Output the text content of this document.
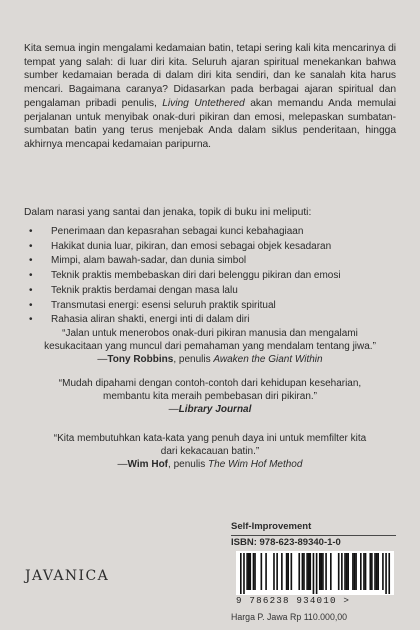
Kita semua ingin mengalami kedamaian batin, tetapi sering kali kita mencarinya di tempat yang salah: di luar diri kita. Seluruh ajaran spiritual menekankan bahwa sumber kedamaian berada di dalam diri kita sendiri, dan ke sanalah kita harus mencari. Bagaimana caranya? Didasarkan pada berbagai ajaran spiritual dan pengalaman pribadi penulis, Living Untethered akan memandu Anda memulai perjalanan untuk menyibak onak-duri pikiran dan emosi, melepaskan sumbatan-sumbatan batin yang terus menjebak Anda dalam siklus penderitaan, hingga akhirnya mencapai kedamaian paripurna.
Dalam narasi yang santai dan jenaka, topik di buku ini meliputi:
• Penerimaan dan kepasrahan sebagai kunci kebahagiaan
• Hakikat dunia luar, pikiran, dan emosi sebagai objek kesadaran
• Mimpi, alam bawah-sadar, dan dunia simbol
• Teknik praktis membebaskan diri dari belenggu pikiran dan emosi
• Teknik praktis berdamai dengan masa lalu
• Transmutasi energi: esensi seluruh praktik spiritual
• Rahasia aliran shakti, energi inti di dalam diri
“Jalan untuk menerobos onak-duri pikiran manusia dan mengalami
kesukacitaan yang muncul dari pemahaman yang mendalam tentang jiwa.”
—Tony Robbins, penulis Awaken the Giant Within
“Mudah dipahami dengan contoh-contoh dari kehidupan keseharian,
membantu kita meraih pembebasan diri pikiran.”
—Library Journal
“Kita membutuhkan kata-kata yang penuh daya ini untuk memfilter kita
dari kekacauan batin.”
—Wim Hof, penulis The Wim Hof Method
JAVANICA
Self-Improvement
ISBN: 978-623-89340-1-0
9 786238 934010 >
Harga P. Jawa Rp 110.000,00
